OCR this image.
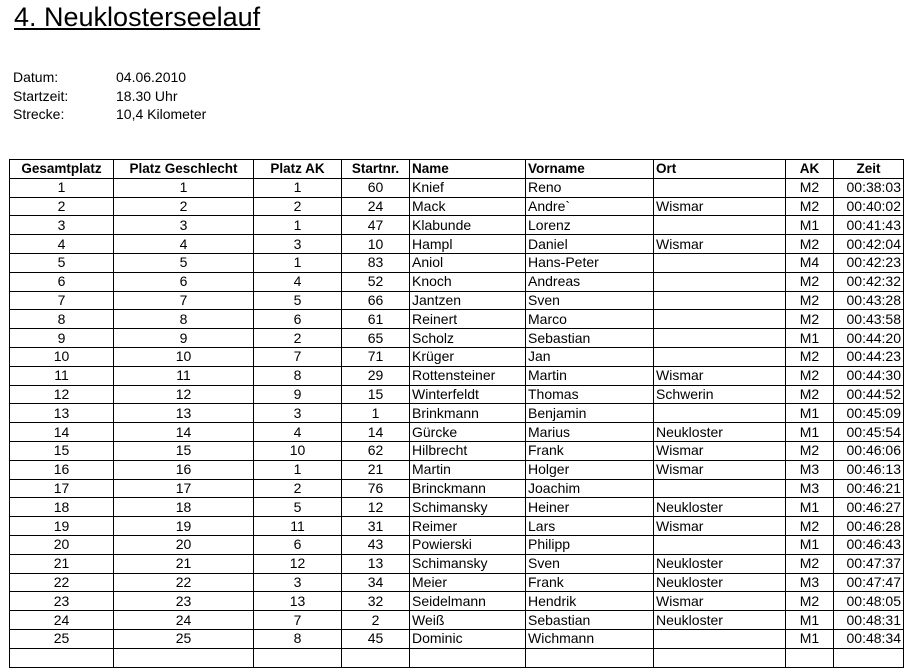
4. Neuklosterseelauf
Datum:	04.06.2010
Startzeit:	18.30 Uhr
Strecke:	10,4 Kilometer
Gesamtplatz	Platz Geschlecht	Platz AK	Startnr.	Name	Vorname	Ort	AK	Zeit
1	1	1	60	Knief	Reno		M2	00:38:03
2	2	2	24	Mack	Andre`	Wismar	M2	00:40:02
3	3	1	47	Klabunde	Lorenz		M1	00:41:43
4	4	3	10	Hampl	Daniel	Wismar	M2	00:42:04
5	5	1	83	Aniol	Hans-Peter		M4	00:42:23
6	6	4	52	Knoch	Andreas		M2	00:42:32
7	7	5	66	Jantzen	Sven		M2	00:43:28
8	8	6	61	Reinert	Marco		M2	00:43:58
9	9	2	65	Scholz	Sebastian		M1	00:44:20
10	10	7	71	Krüger	Jan		M2	00:44:23
11	11	8	29	Rottensteiner	Martin	Wismar	M2	00:44:30
12	12	9	15	Winterfeldt	Thomas	Schwerin	M2	00:44:52
13	13	3	1	Brinkmann	Benjamin		M1	00:45:09
14	14	4	14	Gürcke	Marius	Neukloster	M1	00:45:54
15	15	10	62	Hilbrecht	Frank	Wismar	M2	00:46:06
16	16	1	21	Martin	Holger	Wismar	M3	00:46:13
17	17	2	76	Brinckmann	Joachim		M3	00:46:21
18	18	5	12	Schimansky	Heiner	Neukloster	M1	00:46:27
19	19	11	31	Reimer	Lars	Wismar	M2	00:46:28
20	20	6	43	Powierski	Philipp		M1	00:46:43
21	21	12	13	Schimansky	Sven	Neukloster	M2	00:47:37
22	22	3	34	Meier	Frank	Neukloster	M3	00:47:47
23	23	13	32	Seidelmann	Hendrik	Wismar	M2	00:48:05
24	24	7	2	Weiß	Sebastian	Neukloster	M1	00:48:31
25	25	8	45	Dominic	Wichmann		M1	00:48:34
